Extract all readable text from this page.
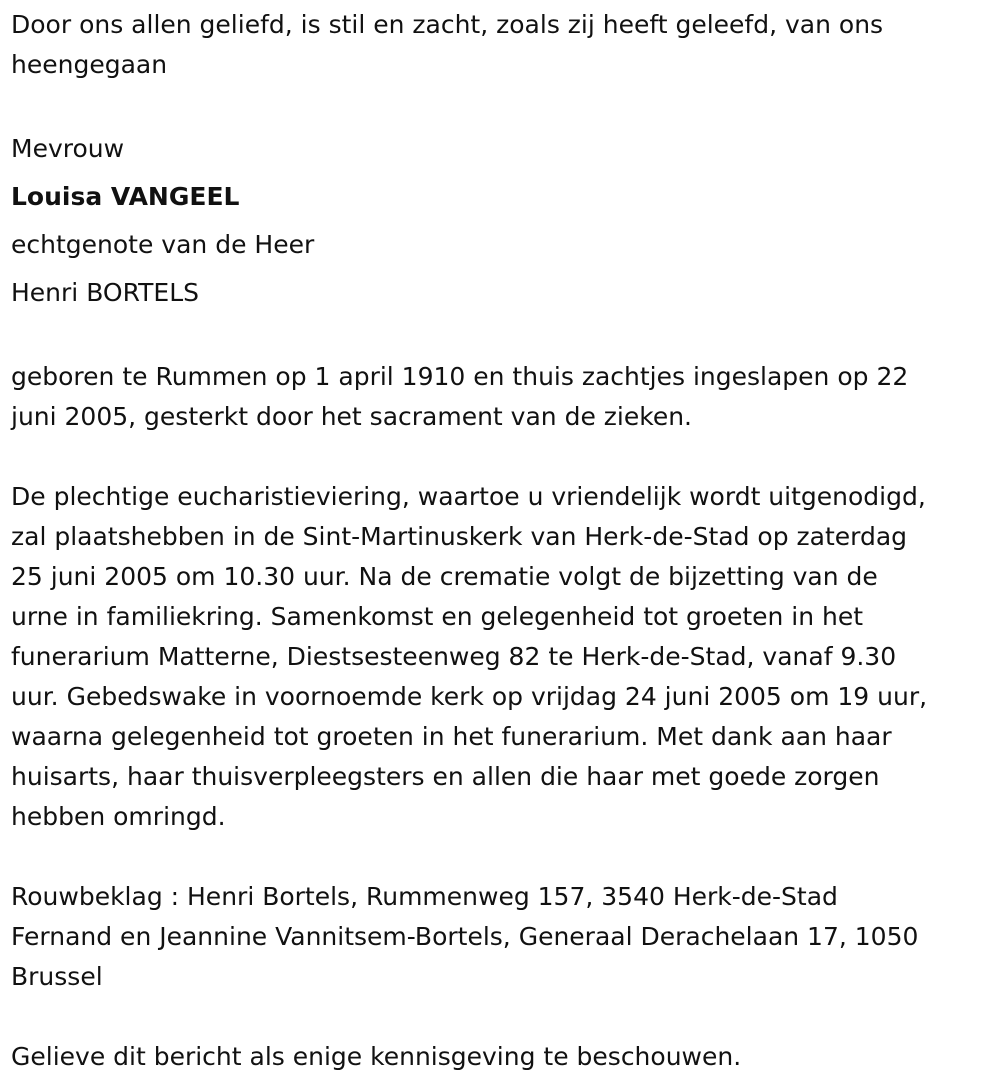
Door ons allen geliefd, is stil en zacht, zoals zij heeft geleefd, van ons
heengegaan
Mevrouw
Louisa VANGEEL
echtgenote van de Heer
Henri BORTELS
geboren te Rummen op 1 april 1910 en thuis zachtjes ingeslapen op 22
juni 2005, gesterkt door het sacrament van de zieken.
De plechtige eucharistieviering, waartoe u vriendelijk wordt uitgenodigd,
zal plaatshebben in de Sint-Martinuskerk van Herk-de-Stad op zaterdag
25 juni 2005 om 10.30 uur. Na de crematie volgt de bijzetting van de
urne in familiekring. Samenkomst en gelegenheid tot groeten in het
funerarium Matterne, Diestsesteenweg 82 te Herk-de-Stad, vanaf 9.30
uur. Gebedswake in voornoemde kerk op vrijdag 24 juni 2005 om 19 uur,
waarna gelegenheid tot groeten in het funerarium. Met dank aan haar
huisarts, haar thuisverpleegsters en allen die haar met goede zorgen
hebben omringd.
Rouwbeklag : Henri Bortels, Rummenweg 157, 3540 Herk-de-Stad
Fernand en Jeannine Vannitsem-Bortels, Generaal Derachelaan 17, 1050
Brussel
Gelieve dit bericht als enige kennisgeving te beschouwen.
